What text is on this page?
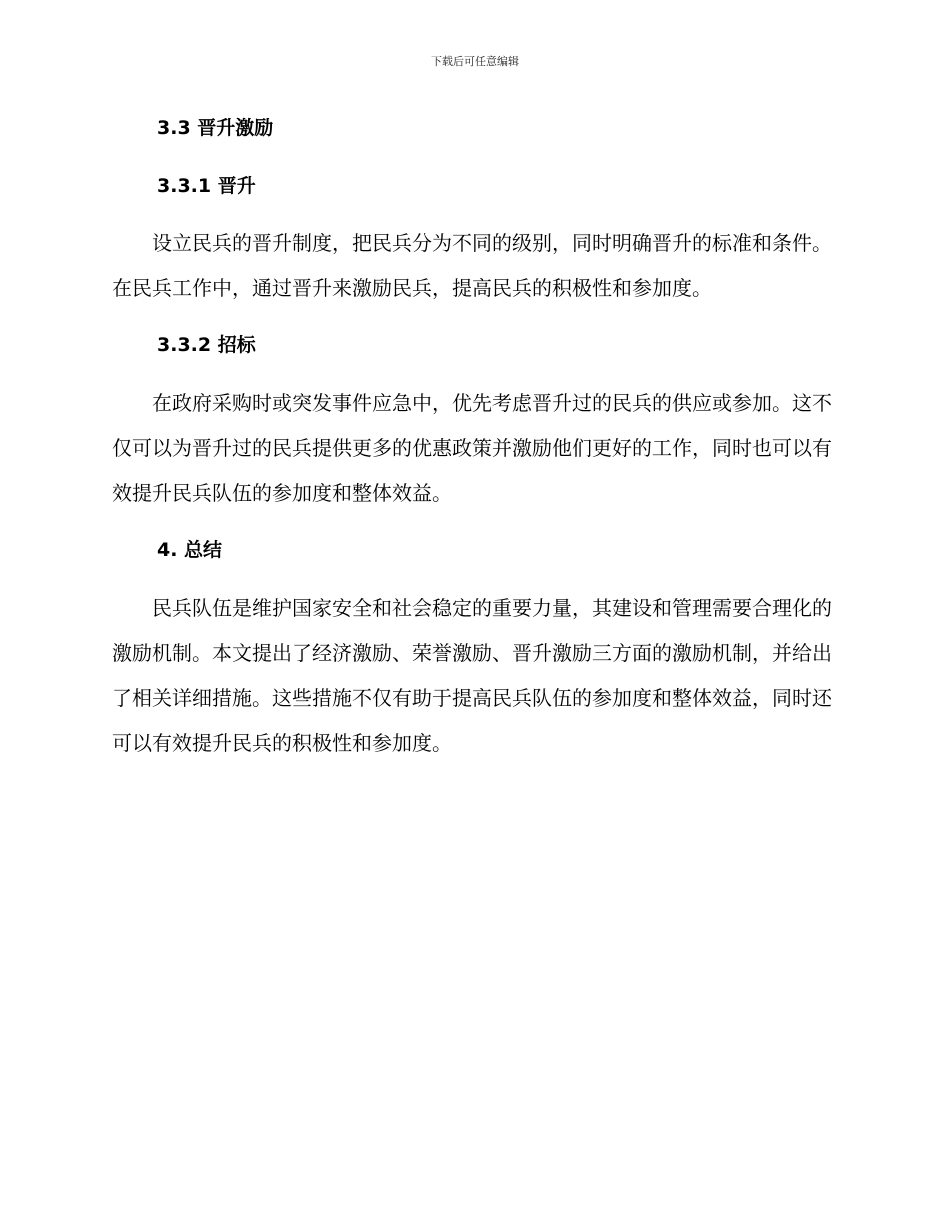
下载后可任意编辑
3.3 晋升激励
3.3.1 晋升

设立民兵的晋升制度，把民兵分为不同的级别，同时明确晋升的标准和条件。在民兵工作中，通过晋升来激励民兵，提高民兵的积极性和参加度。

3.3.2 招标

在政府采购时或突发事件应急中，优先考虑晋升过的民兵的供应或参加。这不仅可以为晋升过的民兵提供更多的优惠政策并激励他们更好的工作，同时也可以有效提升民兵队伍的参加度和整体效益。

4. 总结

民兵队伍是维护国家安全和社会稳定的重要力量，其建设和管理需要合理化的激励机制。本文提出了经济激励、荣誉激励、晋升激励三方面的激励机制，并给出了相关详细措施。这些措施不仅有助于提高民兵队伍的参加度和整体效益，同时还可以有效提升民兵的积极性和参加度。
